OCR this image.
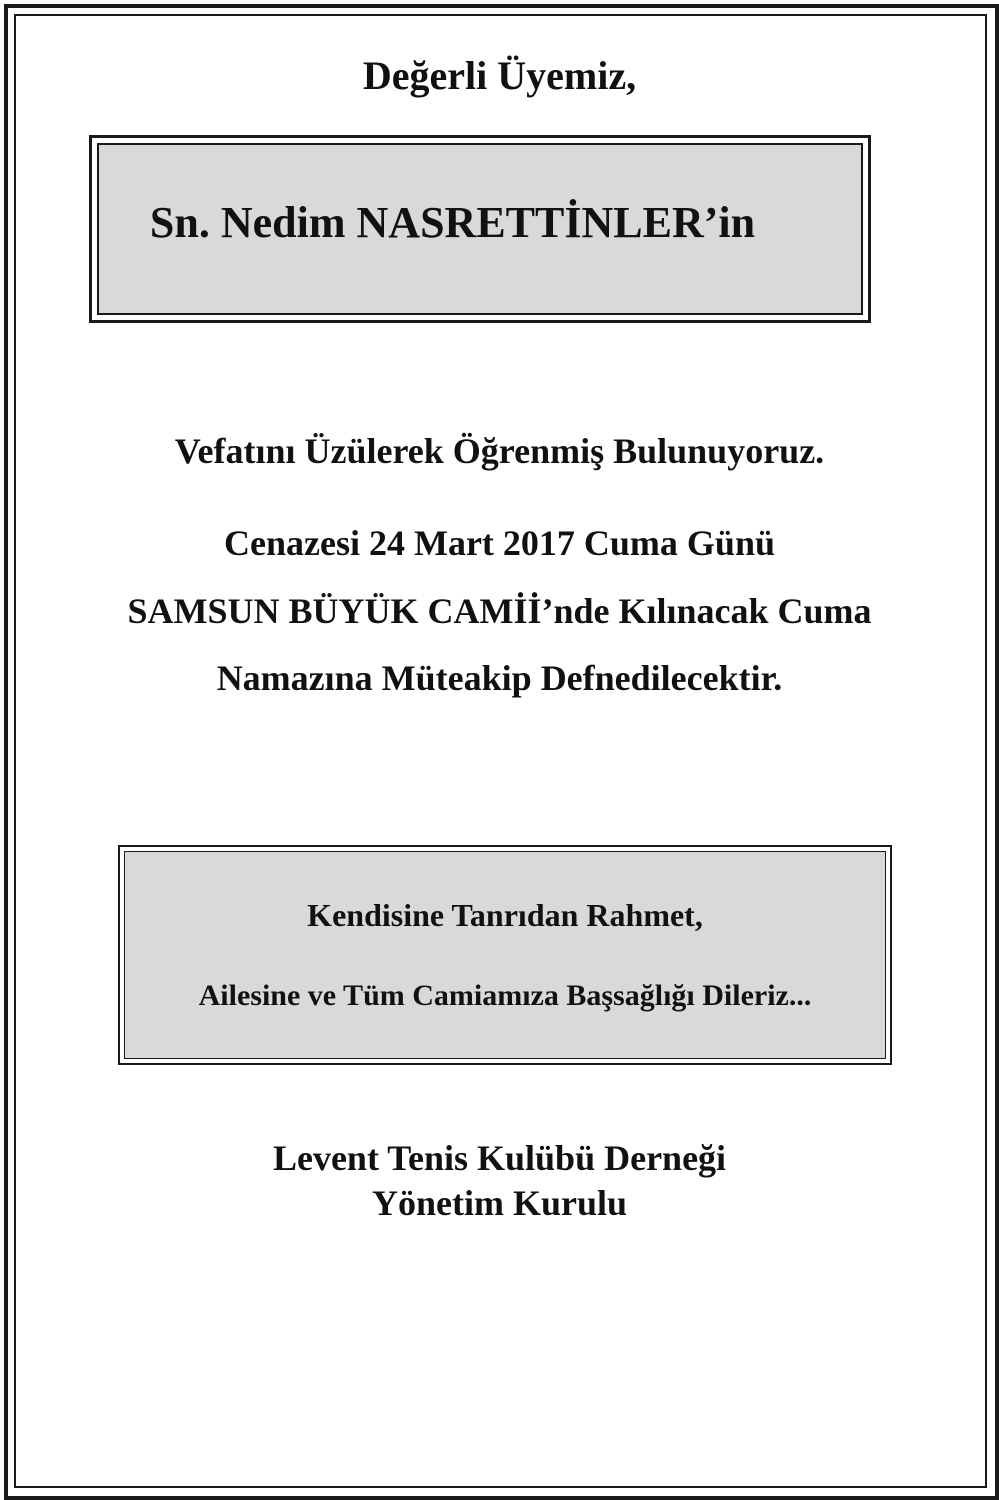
Değerli Üyemiz,
Sn. Nedim NASRETTİNLER’in
Vefatını Üzülerek Öğrenmiş Bulunuyoruz.
Cenazesi 24 Mart 2017 Cuma Günü
SAMSUN BÜYÜK CAMİİ’nde Kılınacak Cuma
Namazına Müteakip Defnedilecektir.
Kendisine Tanrıdan Rahmet,
Ailesine ve Tüm Camiamıza Başsağlığı Dileriz...
Levent Tenis Kulübü Derneği
Yönetim Kurulu
